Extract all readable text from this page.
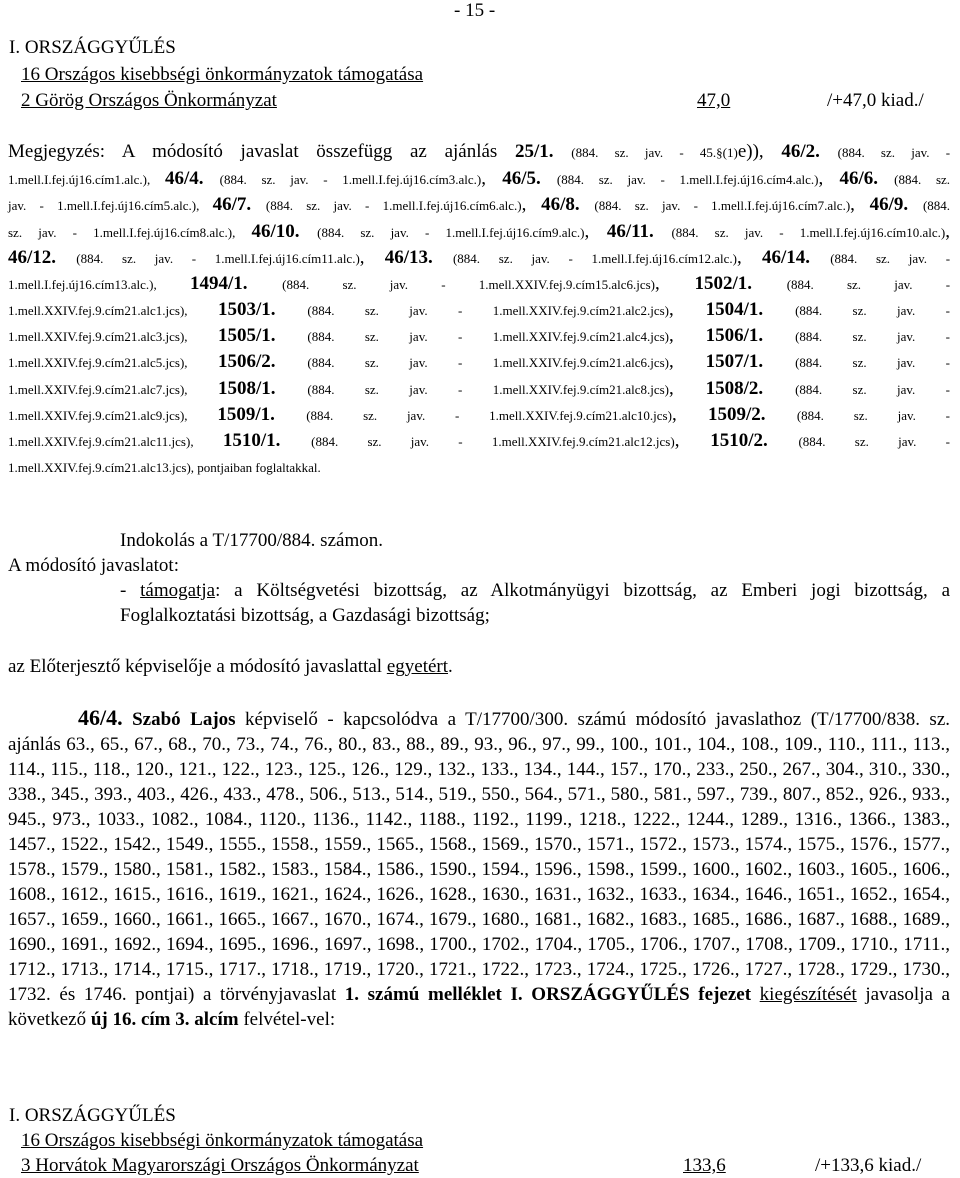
- 15 -
I. ORSZÁGGYŰLÉS
16 Országos kisebbségi önkormányzatok támogatása
2 Görög Országos Önkormányzat	47,0	/+47,0 kiad./
Megjegyzés: A módosító javaslat összefügg az ajánlás 25/1. (884. sz. jav. - 45.§(1)e)), 46/2. (884. sz. jav. -
1.mell.I.fej.új16.cím1.alc.), 46/4. (884. sz. jav. - 1.mell.I.fej.új16.cím3.alc.), 46/5. (884. sz. jav. - 1.mell.I.fej.új16.cím4.alc.), 46/6. (884. sz.
jav. - 1.mell.I.fej.új16.cím5.alc.), 46/7. (884. sz. jav. - 1.mell.I.fej.új16.cím6.alc.), 46/8. (884. sz. jav. - 1.mell.I.fej.új16.cím7.alc.), 46/9. (884.
sz. jav. - 1.mell.I.fej.új16.cím8.alc.), 46/10. (884. sz. jav. - 1.mell.I.fej.új16.cím9.alc.), 46/11. (884. sz. jav. - 1.mell.I.fej.új16.cím10.alc.),
46/12. (884. sz. jav. - 1.mell.I.fej.új16.cím11.alc.), 46/13. (884. sz. jav. - 1.mell.I.fej.új16.cím12.alc.), 46/14. (884. sz. jav. -
1.mell.I.fej.új16.cím13.alc.), 1494/1.	(884. sz. jav. - 1.mell.XXIV.fej.9.cím15.alc6.jcs), 1502/1.	(884. sz. jav. -
1.mell.XXIV.fej.9.cím21.alc1.jcs), 1503/1. (884. sz. jav. - 1.mell.XXIV.fej.9.cím21.alc2.jcs), 1504/1. (884. sz. jav. -
1.mell.XXIV.fej.9.cím21.alc3.jcs), 1505/1. (884. sz. jav. - 1.mell.XXIV.fej.9.cím21.alc4.jcs), 1506/1. (884. sz. jav. -
1.mell.XXIV.fej.9.cím21.alc5.jcs), 1506/2. (884. sz. jav. - 1.mell.XXIV.fej.9.cím21.alc6.jcs), 1507/1. (884. sz. jav. -
1.mell.XXIV.fej.9.cím21.alc7.jcs), 1508/1. (884. sz. jav. - 1.mell.XXIV.fej.9.cím21.alc8.jcs), 1508/2. (884. sz. jav. -
1.mell.XXIV.fej.9.cím21.alc9.jcs), 1509/1. (884. sz. jav. - 1.mell.XXIV.fej.9.cím21.alc10.jcs), 1509/2. (884. sz. jav. -
1.mell.XXIV.fej.9.cím21.alc11.jcs), 1510/1. (884. sz. jav. - 1.mell.XXIV.fej.9.cím21.alc12.jcs), 1510/2. (884. sz. jav. -
1.mell.XXIV.fej.9.cím21.alc13.jcs), pontjaiban foglaltakkal.
Indokolás a T/17700/884. számon.
A módosító javaslatot:
- támogatja: a Költségvetési bizottság, az Alkotmányügyi bizottság, az Emberi jogi bizottság, a
Foglalkoztatási bizottság, a Gazdasági bizottság;
az Előterjesztő képviselője a módosító javaslattal egyetért.
46/4. Szabó Lajos képviselő - kapcsolódva a T/17700/300. számú módosító javaslathoz (T/17700/838. sz. ajánlás 63., 65., 67., 68., 70., 73., 74., 76., 80., 83., 88., 89., 93., 96., 97., 99., 100., 101., 104., 108., 109., 110., 111., 113., 114., 115., 118., 120., 121., 122., 123., 125., 126., 129., 132., 133., 134., 144., 157., 170., 233., 250., 267., 304., 310., 330., 338., 345., 393., 403., 426., 433., 478., 506., 513., 514., 519., 550., 564., 571., 580., 581., 597., 739., 807., 852., 926., 933., 945., 973., 1033., 1082., 1084., 1120., 1136., 1142., 1188., 1192., 1199., 1218., 1222., 1244., 1289., 1316., 1366., 1383., 1457., 1522., 1542., 1549., 1555., 1558., 1559., 1565., 1568., 1569., 1570., 1571., 1572., 1573., 1574., 1575., 1576., 1577., 1578., 1579., 1580., 1581., 1582., 1583., 1584., 1586., 1590., 1594., 1596., 1598., 1599., 1600., 1602., 1603., 1605., 1606., 1608., 1612., 1615., 1616., 1619., 1621., 1624., 1626., 1628., 1630., 1631., 1632., 1633., 1634., 1646., 1651., 1652., 1654., 1657., 1659., 1660., 1661., 1665., 1667., 1670., 1674., 1679., 1680., 1681., 1682., 1683., 1685., 1686., 1687., 1688., 1689., 1690., 1691., 1692., 1694., 1695., 1696., 1697., 1698., 1700., 1702., 1704., 1705., 1706., 1707., 1708., 1709., 1710., 1711., 1712., 1713., 1714., 1715., 1717., 1718., 1719., 1720., 1721., 1722., 1723., 1724., 1725., 1726., 1727., 1728., 1729., 1730., 1732. és 1746. pontjai) a törvényjavaslat 1. számú melléklet I. ORSZÁGGYŰLÉS fejezet kiegészítését javasolja a következő új 16. cím 3. alcím felvétel-vel:
I. ORSZÁGGYŰLÉS
16 Országos kisebbségi önkormányzatok támogatása
3 Horvátok Magyarországi Országos Önkormányzat	133,6	/+133,6 kiad./
